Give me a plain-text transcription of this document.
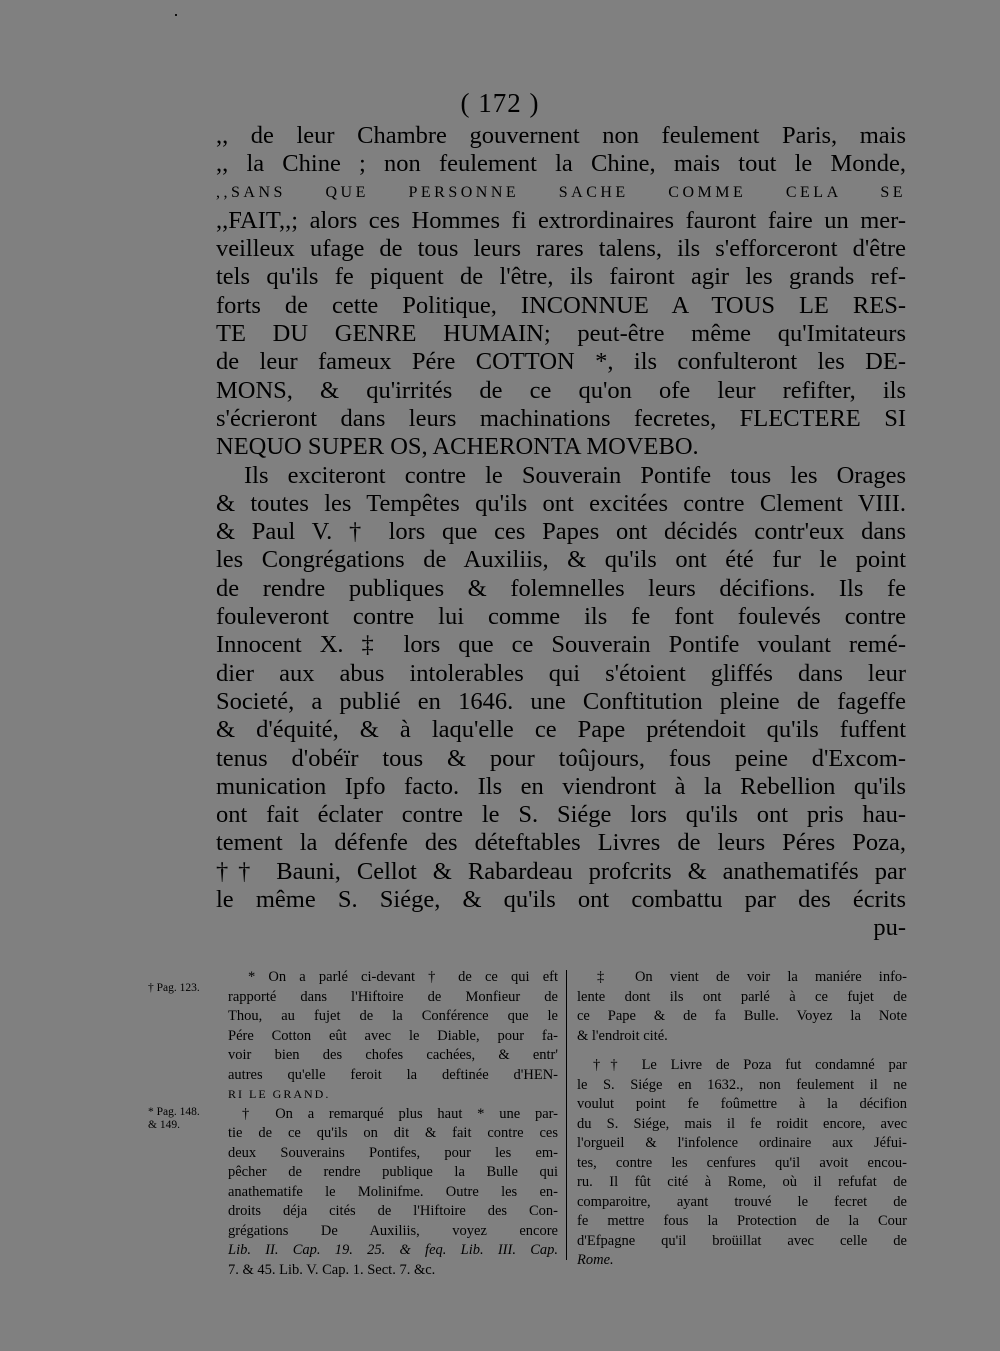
( 172 )
,, de leur Chambre gouvernent non feulement Paris, mais
,, la Chine ; non feulement la Chine, mais tout le Monde,
,,SANS QUE PERSONNE SACHE COMME CELA SE
,,FAIT,,; alors ces Hommes fi extrordinaires fauront faire un mer-
veilleux ufage de tous leurs rares talens, ils s'efforceront d'être
tels qu'ils fe piquent de l'être, ils fairont agir les grands ref-
forts de cette Politique, INCONNUE A TOUS LE RES-
TE DU GENRE HUMAIN; peut-être même qu'Imitateurs
de leur fameux Pére COTTON *, ils confulteront les DE-
MONS, & qu'irrités de ce qu'on ofe leur refifter, ils
s'écrieront dans leurs machinations fecretes, FLECTERE SI
NEQUO SUPER OS, ACHERONTA MOVEBO.
Ils exciteront contre le Souverain Pontife tous les Orages
& toutes les Tempêtes qu'ils ont excitées contre Clement VIII.
& Paul V. † lors que ces Papes ont décidés contr'eux dans
les Congrégations de Auxiliis, & qu'ils ont été fur le point
de rendre publiques & folemnelles leurs décifions. Ils fe
fouleveront contre lui comme ils fe font foulevés contre
Innocent X. ‡ lors que ce Souverain Pontife voulant remé-
dier aux abus intolerables qui s'étoient gliffés dans leur
Societé, a publié en 1646. une Conftitution pleine de fageffe
& d'équité, & à laqu'elle ce Pape prétendoit qu'ils fuffent
tenus d'obéïr tous & pour toûjours, fous peine d'Excom-
munication Ipfo facto. Ils en viendront à la Rebellion qu'ils
ont fait éclater contre le S. Siége lors qu'ils ont pris hau-
tement la défenfe des déteftables Livres de leurs Péres Poza,
†† Bauni, Cellot & Rabardeau profcrits & anathematifés par
le même S. Siége, & qu'ils ont combattu par des écrits
pu-
† Pag. 123.
* Pag. 148.
& 149.
* On a parlé ci-devant † de ce qui eft
rapporté dans l'Hiftoire de Monfieur de
Thou, au fujet de la Conférence que le
Pére Cotton eût avec le Diable, pour fa-
voir bien des chofes cachées, & entr'
autres qu'elle feroit la deftinée d'HEN-
RI LE GRAND.
† On a remarqué plus haut * une par-
tie de ce qu'ils on dit & fait contre ces
deux Souverains Pontifes, pour les em-
pêcher de rendre publique la Bulle qui
anathematife le Molinifme. Outre les en-
droits déja cités de l'Hiftoire des Con-
grégations De Auxiliis, voyez encore
Lib. II. Cap. 19. 25. & feq. Lib. III. Cap.
7. & 45. Lib. V. Cap. 1. Sect. 7. &c.
‡ On vient de voir la maniére info-
lente dont ils ont parlé à ce fujet de
ce Pape & de fa Bulle. Voyez la Note
& l'endroit cité.
†† Le Livre de Poza fut condamné par
le S. Siége en 1632., non feulement il ne
voulut point fe foûmettre à la décifion
du S. Siége, mais il fe roidit encore, avec
l'orgueil & l'infolence ordinaire aux Jéfui-
tes, contre les cenfures qu'il avoit encou-
ru. Il fût cité à Rome, où il refufat de
comparoitre, ayant trouvé le fecret de
fe mettre fous la Protection de la Cour
d'Efpagne qu'il broüillat avec celle de
Rome.
